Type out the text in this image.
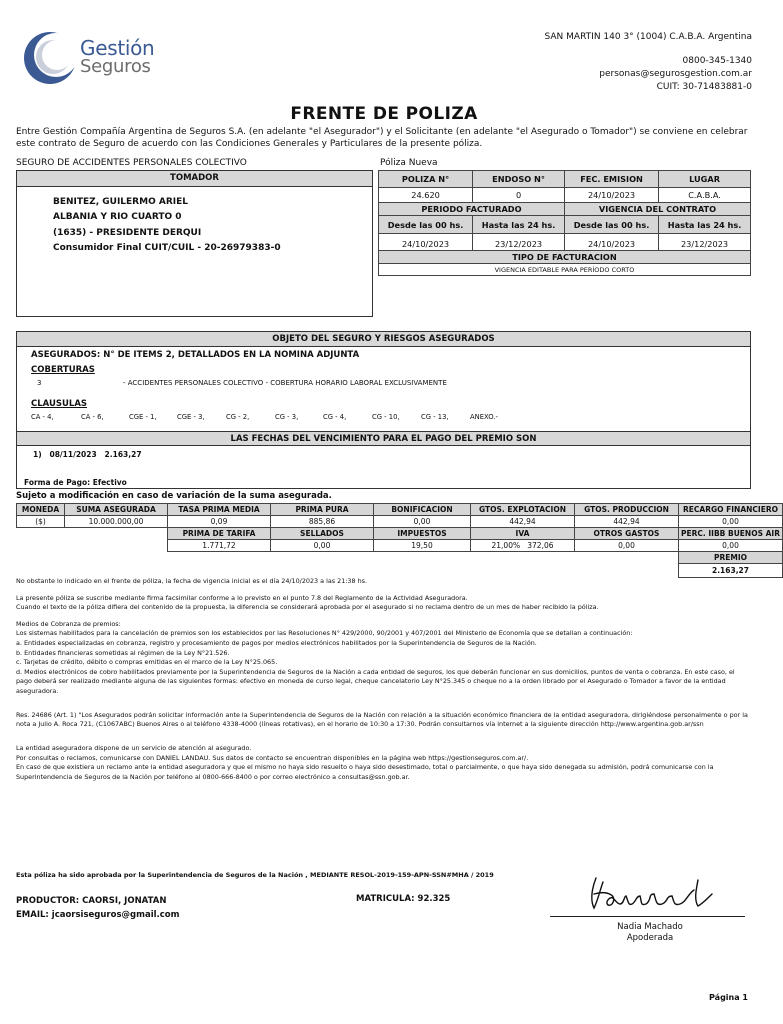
Gestión
Seguros
SAN MARTIN 140 3° (1004) C.A.B.A. Argentina
0800-345-1340
personas@segurosgestion.com.ar
CUIT: 30-71483881-0
FRENTE DE POLIZA
Entre Gestión Compañía Argentina de Seguros S.A. (en adelante "el Asegurador") y el Solicitante (en adelante "el Asegurado o Tomador") se conviene en celebrar este contrato de Seguro de acuerdo con las Condiciones Generales y Particulares de la presente póliza.
SEGURO DE ACCIDENTES PERSONALES COLECTIVO	Póliza Nueva
TOMADOR
BENITEZ, GUILERMO ARIEL
ALBANIA Y RIO CUARTO 0
(1635) - PRESIDENTE DERQUI
Consumidor Final CUIT/CUIL - 20-26979383-0
POLIZA N°	ENDOSO N°	FEC. EMISION	LUGAR
24.620	0	24/10/2023	C.A.B.A.
PERIODO FACTURADO		VIGENCIA DEL CONTRATO	
Desde las 00 hs.	Hasta las 24 hs.	Desde las 00 hs.	Hasta las 24 hs.
24/10/2023	23/12/2023	24/10/2023	23/12/2023
TIPO DE FACTURACION			
VIGENCIA EDITABLE PARA PERÍODO CORTO			
OBJETO DEL SEGURO Y RIESGOS ASEGURADOS
ASEGURADOS: N° DE ITEMS 2, DETALLADOS EN LA NOMINA ADJUNTA
COBERTURAS
3	- ACCIDENTES PERSONALES COLECTIVO - COBERTURA HORARIO LABORAL EXCLUSIVAMENTE
CLAUSULAS
CA - 4,	CA - 6,	CGE - 1,	CGE - 3,	CG - 2,	CG - 3,	CG - 4,	CG - 10,	CG - 13,	ANEXO.-
LAS FECHAS DEL VENCIMIENTO PARA EL PAGO DEL PREMIO SON
1)   08/11/2023   2.163,27
Forma de Pago: Efectivo
Sujeto a modificación en caso de variación de la suma asegurada.
MONEDA	SUMA ASEGURADA	TASA PRIMA MEDIA	PRIMA PURA	BONIFICACION	GTOS. EXPLOTACION	GTOS. PRODUCCION	RECARGO FINANCIERO
($)	10.000.000,00	0,09	885,86	0,00	442,94	442,94	0,00
		PRIMA DE TARIFA	SELLADOS	IMPUESTOS	IVA	OTROS GASTOS	PERC. IIBB BUENOS AIR
		1.771,72	0,00	19,50	21,00%   372,06	0,00	0,00
							PREMIO
							2.163,27

No obstante lo indicado en el frente de póliza, la fecha de vigencia inicial es el día 24/10/2023 a las 21:38 hs.

La presente póliza se suscribe mediante firma facsimilar conforme a lo previsto en el punto 7.8 del Reglamento de la Actividad Aseguradora.
Cuando el texto de la póliza difiera del contenido de la propuesta, la diferencia se considerará aprobada por el asegurado si no reclama dentro de un mes de haber recibido la póliza.

Medios de Cobranza de premios:
Los sistemas habilitados para la cancelación de premios son los establecidos por las Resoluciones N° 429/2000, 90/2001 y 407/2001 del Ministerio de Economía que se detallan a continuación:
a. Entidades especializadas en cobranza, registro y procesamiento de pagos por medios electrónicos habilitados por la Superintendencia de Seguros de la Nación.
b. Entidades financieras sometidas al régimen de la Ley N°21.526.
c. Tarjetas de crédito, débito o compras emitidas en el marco de la Ley N°25.065.
d. Medios electrónicos de cobro habilitados previamente por la Superintendencia de Seguros de la Nación a cada entidad de seguros, los que deberán funcionar en sus domicilios, puntos de venta o cobranza. En este caso, el pago deberá ser realizado mediante alguna de las siguientes formas: efectivo en moneda de curso legal, cheque cancelatorio Ley N°25.345 o cheque no a la orden librado por el Asegurado o Tomador a favor de la entidad aseguradora.

Res. 24686 (Art. 1) "Los Asegurados podrán solicitar información ante la Superintendencia de Seguros de la Nación con relación a la situación económico financiera de la entidad aseguradora, dirigiéndose personalmente o por la nota a Julio A. Roca 721, (C1067ABC) Buenos Aires o al teléfono 4338-4000 (líneas rotativas), en el horario de 10:30 a 17:30. Podrán consultarnos vía internet a la siguiente dirección http://www.argentina.gob.ar/ssn

La entidad aseguradora dispone de un servicio de atención al asegurado.
Por consultas o reclamos, comunicarse con DANIEL LANDAU. Sus datos de contacto se encuentran disponibles en la página web https://gestionseguros.com.ar/.
En caso de que existiera un reclamo ante la entidad aseguradora y que el mismo no haya sido resuelto o haya sido desestimado, total o parcialmente, o que haya sido denegada su admisión, podrá comunicarse con la Superintendencia de Seguros de la Nación por teléfono al 0800-666-8400 o por correo electrónico a consultas@ssn.gob.ar.

Esta póliza ha sido aprobada por la Superintendencia de Seguros de la Nación , MEDIANTE RESOL-2019-159-APN-SSN#MHA / 2019
PRODUCTOR: CAORSI, JONATAN
EMAIL: jcaorsiseguros@gmail.com
MATRICULA: 92.325
Nadia Machado
Apoderada
Página 1
